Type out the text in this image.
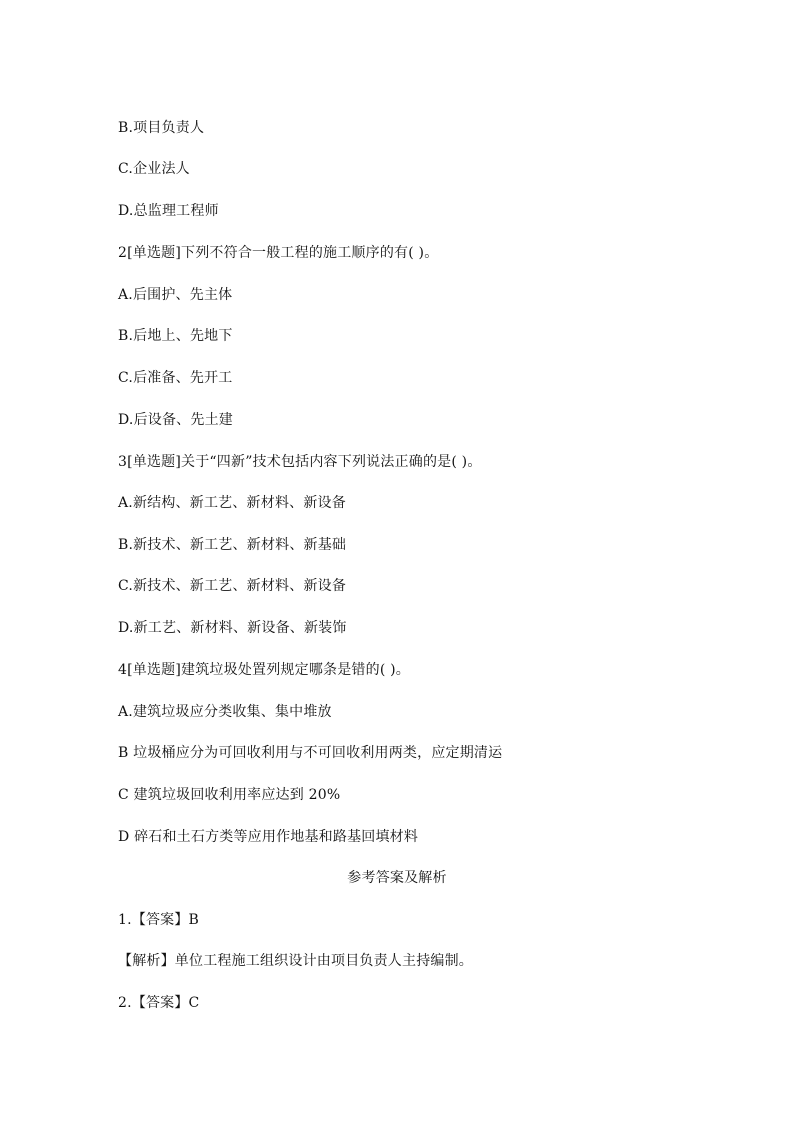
B.项目负责人
C.企业法人
D.总监理工程师
2[单选题]下列不符合一般工程的施工顺序的有( )。
A.后围护、先主体
B.后地上、先地下
C.后准备、先开工
D.后设备、先土建
3[单选题]关于“四新”技术包括内容下列说法正确的是( )。
A.新结构、新工艺、新材料、新设备
B.新技术、新工艺、新材料、新基础
C.新技术、新工艺、新材料、新设备
D.新工艺、新材料、新设备、新装饰
4[单选题]建筑垃圾处置列规定哪条是错的( )。
A.建筑垃圾应分类收集、集中堆放
B 垃圾桶应分为可回收利用与不可回收利用两类，应定期清运
C 建筑垃圾回收利用率应达到 20%
D 碎石和土石方类等应用作地基和路基回填材料
参考答案及解析
1.【答案】B
【解析】单位工程施工组织设计由项目负责人主持编制。
2.【答案】C
